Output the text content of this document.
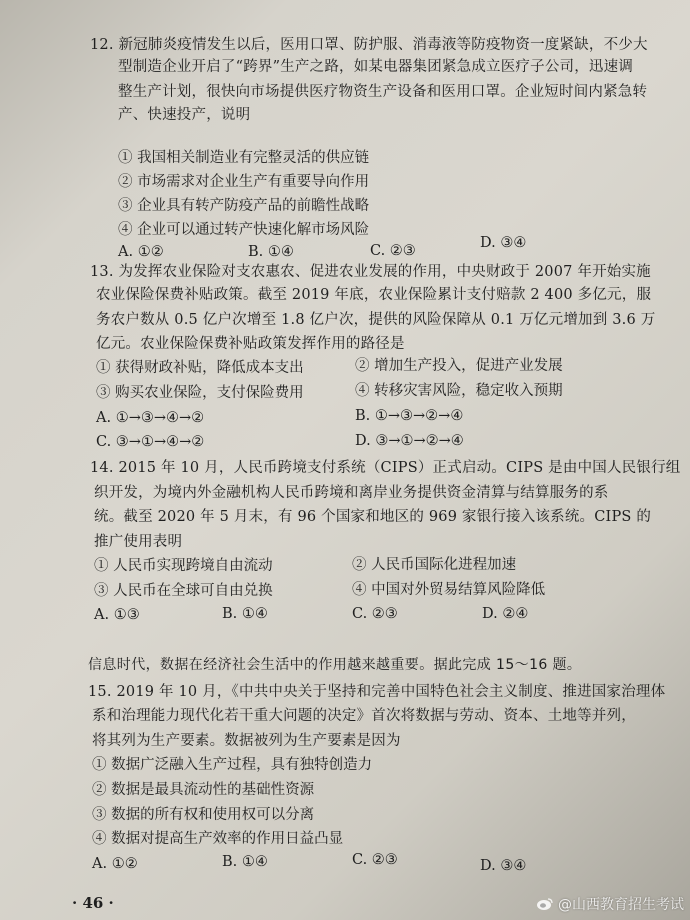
12. 新冠肺炎疫情发生以后，医用口罩、防护服、消毒液等防疫物资一度紧缺，不少大
型制造企业开启了“跨界”生产之路，如某电器集团紧急成立医疗子公司，迅速调
整生产计划，很快向市场提供医疗物资生产设备和医用口罩。企业短时间内紧急转
产、快速投产，说明
① 我国相关制造业有完整灵活的供应链
② 市场需求对企业生产有重要导向作用
③ 企业具有转产防疫产品的前瞻性战略
④ 企业可以通过转产快速化解市场风险
A. ①②	B. ①④	C. ②③	D. ③④
13. 为发挥农业保险对支农惠农、促进农业发展的作用，中央财政于 2007 年开始实施
农业保险保费补贴政策。截至 2019 年底，农业保险累计支付赔款 2 400 多亿元，服
务农户数从 0.5 亿户次增至 1.8 亿户次，提供的风险保障从 0.1 万亿元增加到 3.6 万
亿元。农业保险保费补贴政策发挥作用的路径是
① 获得财政补贴，降低成本支出	② 增加生产投入，促进产业发展
③ 购买农业保险，支付保险费用	④ 转移灾害风险，稳定收入预期
A. ①→③→④→②	B. ①→③→②→④
C. ③→①→④→②	D. ③→①→②→④
14. 2015 年 10 月，人民币跨境支付系统（CIPS）正式启动。CIPS 是由中国人民银行组
织开发，为境内外金融机构人民币跨境和离岸业务提供资金清算与结算服务的系
统。截至 2020 年 5 月末，有 96 个国家和地区的 969 家银行接入该系统。CIPS 的
推广使用表明
① 人民币实现跨境自由流动	② 人民币国际化进程加速
③ 人民币在全球可自由兑换	④ 中国对外贸易结算风险降低
A. ①③	B. ①④	C. ②③	D. ②④
信息时代，数据在经济社会生活中的作用越来越重要。据此完成 15～16 题。
15. 2019 年 10 月，《中共中央关于坚持和完善中国特色社会主义制度、推进国家治理体
系和治理能力现代化若干重大问题的决定》首次将数据与劳动、资本、土地等并列，
将其列为生产要素。数据被列为生产要素是因为
① 数据广泛融入生产过程，具有独特创造力
② 数据是最具流动性的基础性资源
③ 数据的所有权和使用权可以分离
④ 数据对提高生产效率的作用日益凸显
A. ①②	B. ①④	C. ②③	D. ③④
· 46 ·	@山西教育招生考试
